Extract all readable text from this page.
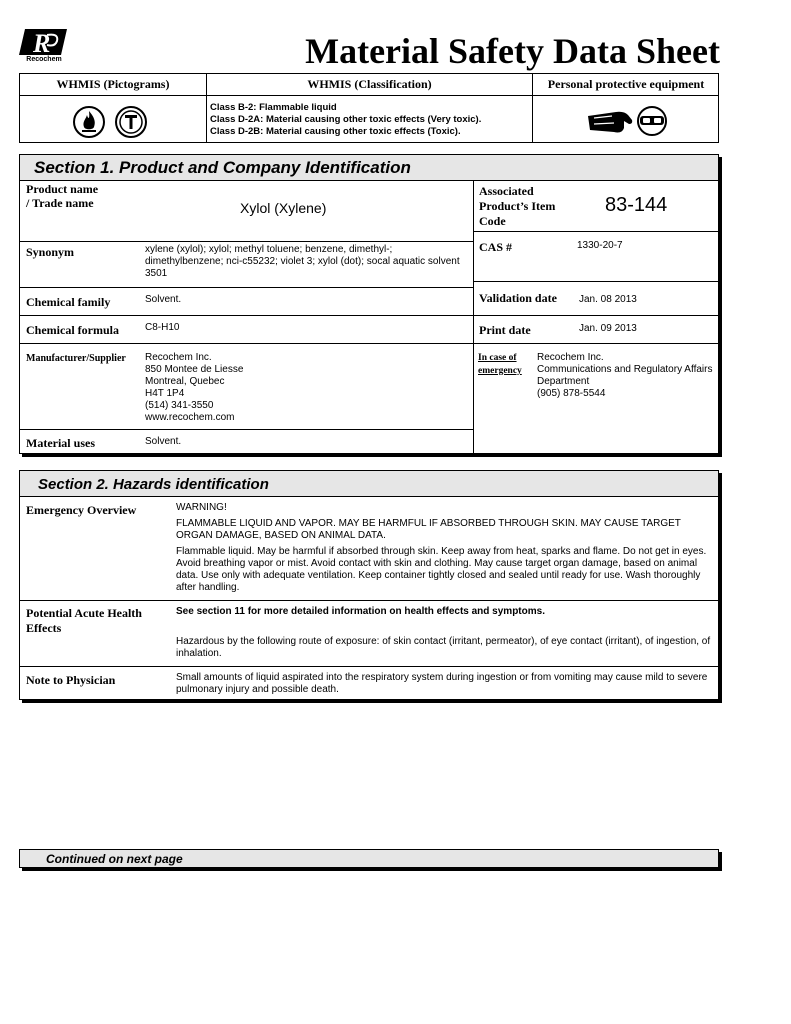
R
Recochem	Material Safety Data Sheet
WHMIS (Pictograms)	WHMIS (Classification)	Personal protective equipment
Class B-2: Flammable liquid
Class D-2A: Material causing other toxic effects (Very toxic).
Class D-2B: Material causing other toxic effects (Toxic).
Section 1. Product and Company Identification
Product name
/ Trade name	Xylol (Xylene)
Synonym	xylene (xylol); xylol; methyl toluene; benzene, dimethyl-; dimethylbenzene; nci-c55232; violet 3; xylol (dot); socal aquatic solvent 3501
Chemical family	Solvent.
Chemical formula	C8-H10
Manufacturer/Supplier Recochem Inc.
850 Montee de Liesse
Montreal, Quebec
H4T 1P4
(514) 341-3550
www.recochem.com
Material uses	Solvent.
Associated
Product’s Item
Code
83-144
CAS #	1330-20-7
Validation date Jan. 08 2013
Print date	Jan. 09 2013
In case of
emergency
Recochem Inc.
Communications and Regulatory Affairs
Department
(905) 878-5544
Section 2. Hazards identification
Emergency Overview	WARNING!
FLAMMABLE LIQUID AND VAPOR. MAY BE HARMFUL IF ABSORBED THROUGH SKIN. MAY CAUSE TARGET ORGAN DAMAGE, BASED ON ANIMAL DATA.
Flammable liquid. May be harmful if absorbed through skin. Keep away from heat, sparks and flame. Do not get in eyes. Avoid breathing vapor or mist. Avoid contact with skin and clothing. May cause target organ damage, based on animal data. Use only with adequate ventilation. Keep container tightly closed and sealed until ready for use. Wash thoroughly after handling.
Potential Acute Health
Effects
See section 11 for more detailed information on health effects and symptoms.
Hazardous by the following route of exposure: of skin contact (irritant, permeator), of eye contact (irritant), of ingestion, of inhalation.
Note to Physician	Small amounts of liquid aspirated into the respiratory system during ingestion or from vomiting may cause mild to severe pulmonary injury and possible death.
Continued on next page
